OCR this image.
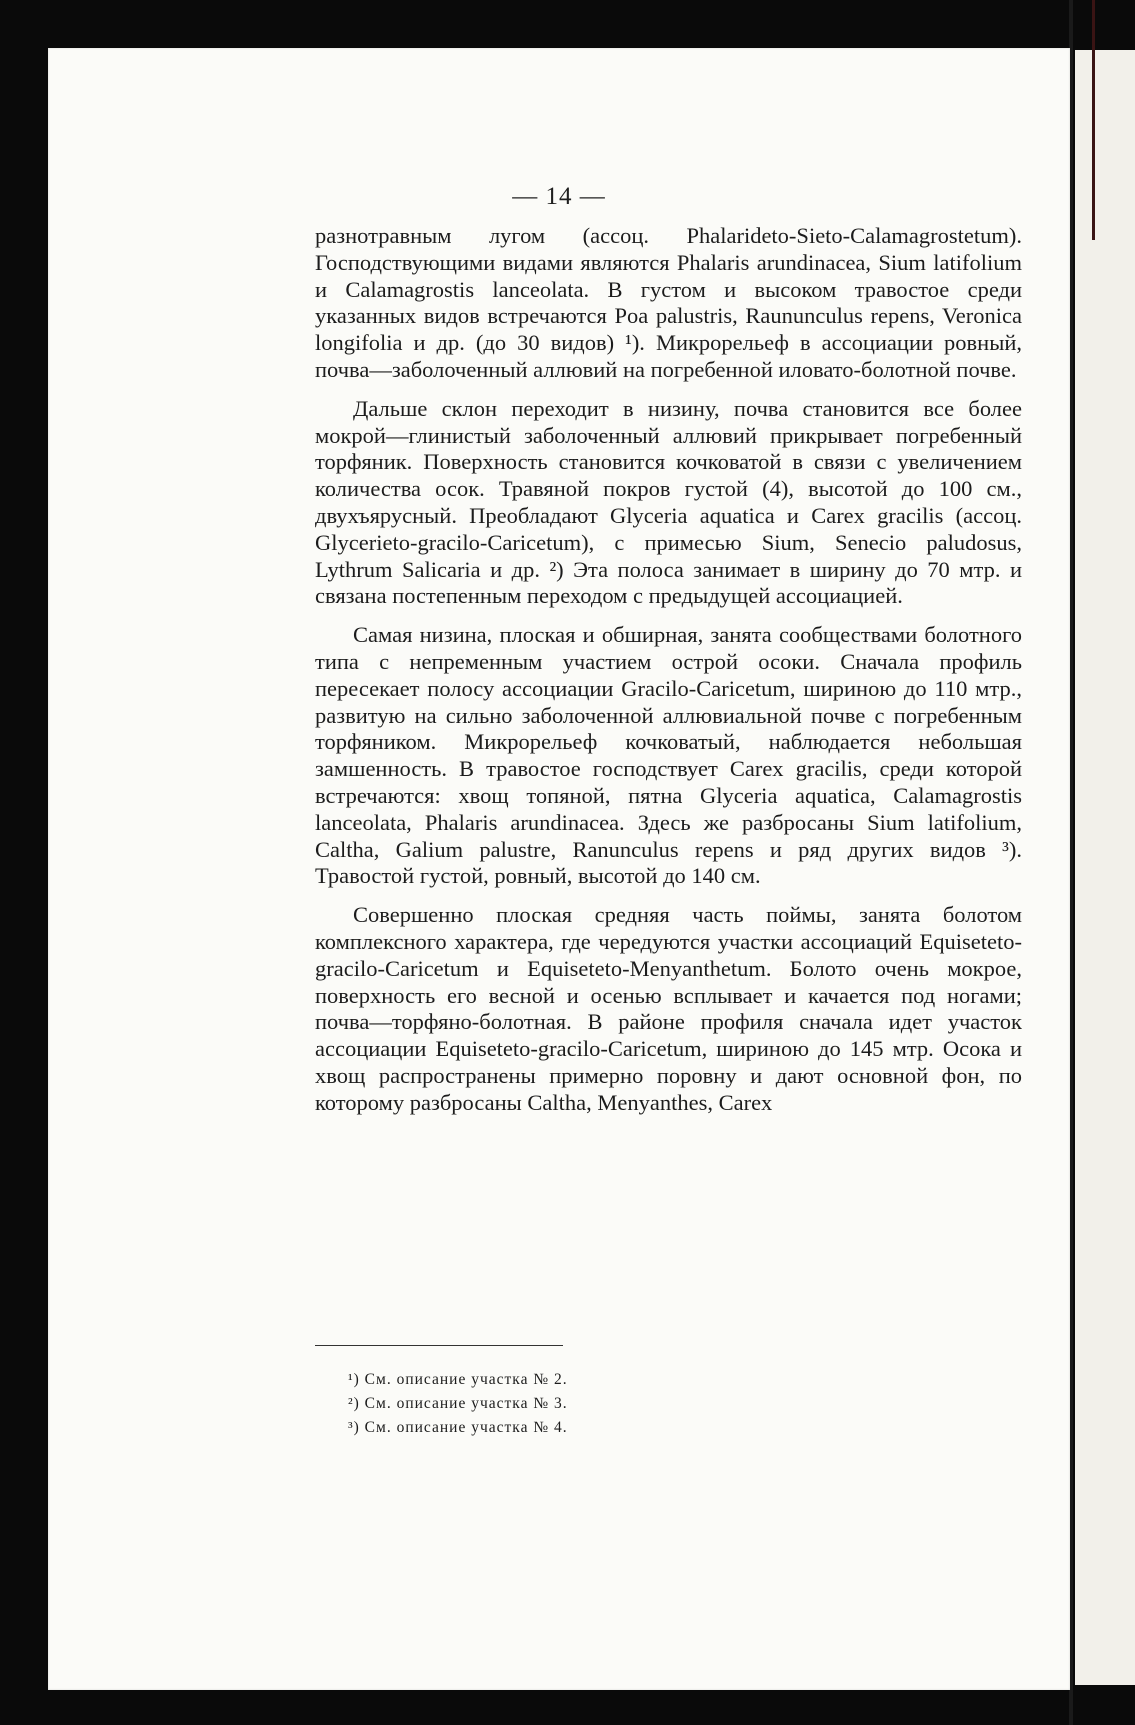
— 14 —

разнотравным лугом (ассоц. Phalarideto-Sieto-Calamagrostetum). Господствующими видами являются Phalaris arundinacea, Sium latifolium и Calamagrostis lanceolata. В густом и высоком травостое среди указанных видов встречаются Poa palustris, Raununculus repens, Veronica longifolia и др. (до 30 видов) ¹). Микрорельеф в ассоциации ровный, почва—заболоченный аллювий на погребенной иловато-болотной почве.

Дальше склон переходит в низину, почва становится все более мокрой—глинистый заболоченный аллювий прикрывает погребенный торфяник. Поверхность становится кочковатой в связи с увеличением количества осок. Травяной покров густой (4), высотой до 100 см., двухъярусный. Преобладают Glyceria aquatica и Carex gracilis (ассоц. Glycerieto-gracilo-Caricetum), с примесью Sium, Senecio paludosus, Lythrum Salicaria и др. ²) Эта полоса занимает в ширину до 70 мтр. и связана постепенным переходом с предыдущей ассоциацией.

Самая низина, плоская и обширная, занята сообществами болотного типа с непременным участием острой осоки. Сначала профиль пересекает полосу ассоциации Gracilo-Caricetum, шириною до 110 мтр., развитую на сильно заболоченной аллювиальной почве с погребенным торфяником. Микрорельеф кочковатый, наблюдается небольшая замшенность. В травостое господствует Carex gracilis, среди которой встречаются: хвощ топяной, пятна Glyceria aquatica, Calamagrostis lanceolata, Phalaris arundinacea. Здесь же разбросаны Sium latifolium, Caltha, Galium palustre, Ranunculus repens и ряд других видов ³). Травостой густой, ровный, высотой до 140 см.

Совершенно плоская средняя часть поймы, занята болотом комплексного характера, где чередуются участки ассоциаций Equiseteto-gracilo-Caricetum и Equiseteto-Menyanthetum. Болото очень мокрое, поверхность его весной и осенью всплывает и качается под ногами; почва—торфяно-болотная. В районе профиля сначала идет участок ассоциации Equiseteto-gracilo-Caricetum, шириною до 145 мтр. Осока и хвощ распространены примерно поровну и дают основной фон, по которому разбросаны Caltha, Menyanthes, Carex

¹) См. описание участка № 2.
²) См. описание участка № 3.
³) См. описание участка № 4.
